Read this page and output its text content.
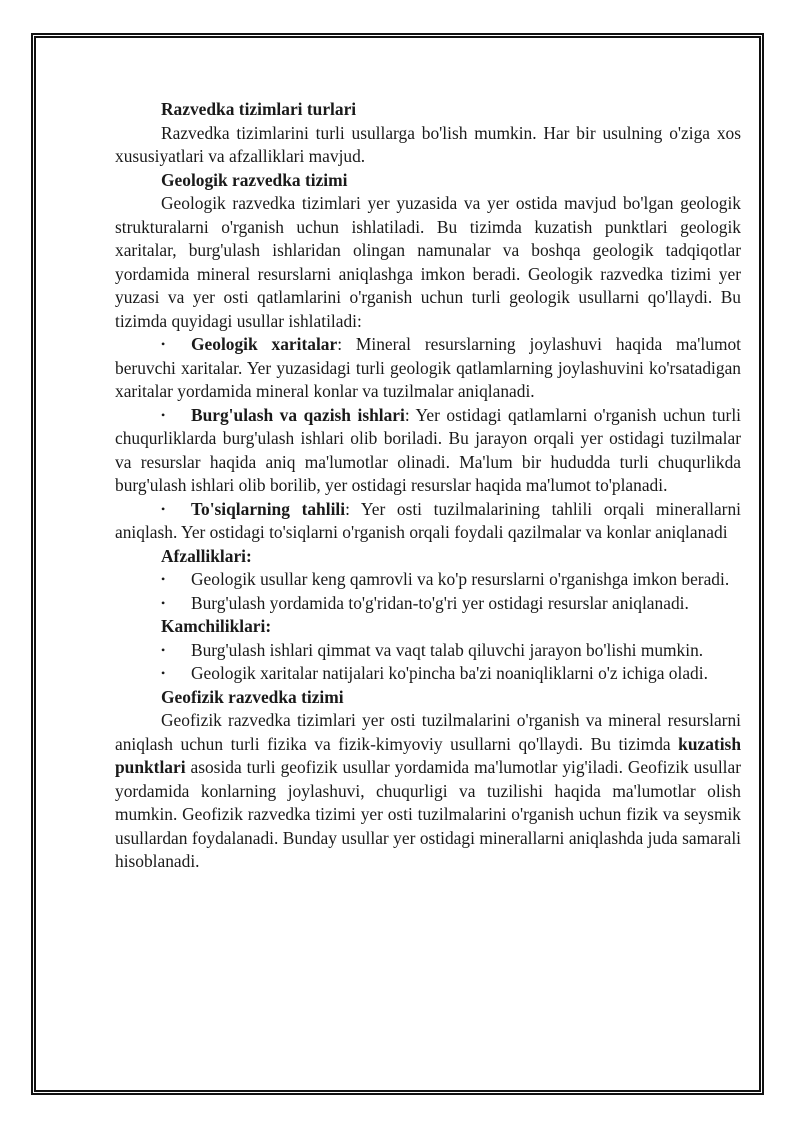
Razvedka tizimlari turlari

Razvedka tizimlarini turli usullarga bo'lish mumkin. Har bir usulning o'ziga xos xususiyatlari va afzalliklari mavjud.

Geologik razvedka tizimi

Geologik razvedka tizimlari yer yuzasida va yer ostida mavjud bo'lgan geologik strukturalarni o'rganish uchun ishlatiladi. Bu tizimda kuzatish punktlari geologik xaritalar, burg'ulash ishlaridan olingan namunalar va boshqa geologik tadqiqotlar yordamida mineral resurslarni aniqlashga imkon beradi. Geologik razvedka tizimi yer yuzasi va yer osti qatlamlarini o'rganish uchun turli geologik usullarni qo'llaydi. Bu tizimda quyidagi usullar ishlatiladi:

• Geologik xaritalar: Mineral resurslarning joylashuvi haqida ma'lumot beruvchi xaritalar. Yer yuzasidagi turli geologik qatlamlarning joylashuvini ko'rsatadigan xaritalar yordamida mineral konlar va tuzilmalar aniqlanadi.

• Burg'ulash va qazish ishlari: Yer ostidagi qatlamlarni o'rganish uchun turli chuqurliklarda burg'ulash ishlari olib boriladi. Bu jarayon orqali yer ostidagi tuzilmalar va resurslar haqida aniq ma'lumotlar olinadi. Ma'lum bir hududda turli chuqurlikda burg'ulash ishlari olib borilib, yer ostidagi resurslar haqida ma'lumot to'planadi.

• To'siqlarning tahlili: Yer osti tuzilmalarining tahlili orqali minerallarni aniqlash. Yer ostidagi to'siqlarni o'rganish orqali foydali qazilmalar va konlar aniqlanadi

Afzalliklari:

• Geologik usullar keng qamrovli va ko'p resurslarni o'rganishga imkon beradi.

• Burg'ulash yordamida to'g'ridan-to'g'ri yer ostidagi resurslar aniqlanadi.

Kamchiliklari:

• Burg'ulash ishlari qimmat va vaqt talab qiluvchi jarayon bo'lishi mumkin.

• Geologik xaritalar natijalari ko'pincha ba'zi noaniqliklarni o'z ichiga oladi.

Geofizik razvedka tizimi

Geofizik razvedka tizimlari yer osti tuzilmalarini o'rganish va mineral resurslarni aniqlash uchun turli fizika va fizik-kimyoviy usullarni qo'llaydi. Bu tizimda kuzatish punktlari asosida turli geofizik usullar yordamida ma'lumotlar yig'iladi. Geofizik usullar yordamida konlarning joylashuvi, chuqurligi va tuzilishi haqida ma'lumotlar olish mumkin. Geofizik razvedka tizimi yer osti tuzilmalarini o'rganish uchun fizik va seysmik usullardan foydalanadi. Bunday usullar yer ostidagi minerallarni aniqlashda juda samarali hisoblanadi.
